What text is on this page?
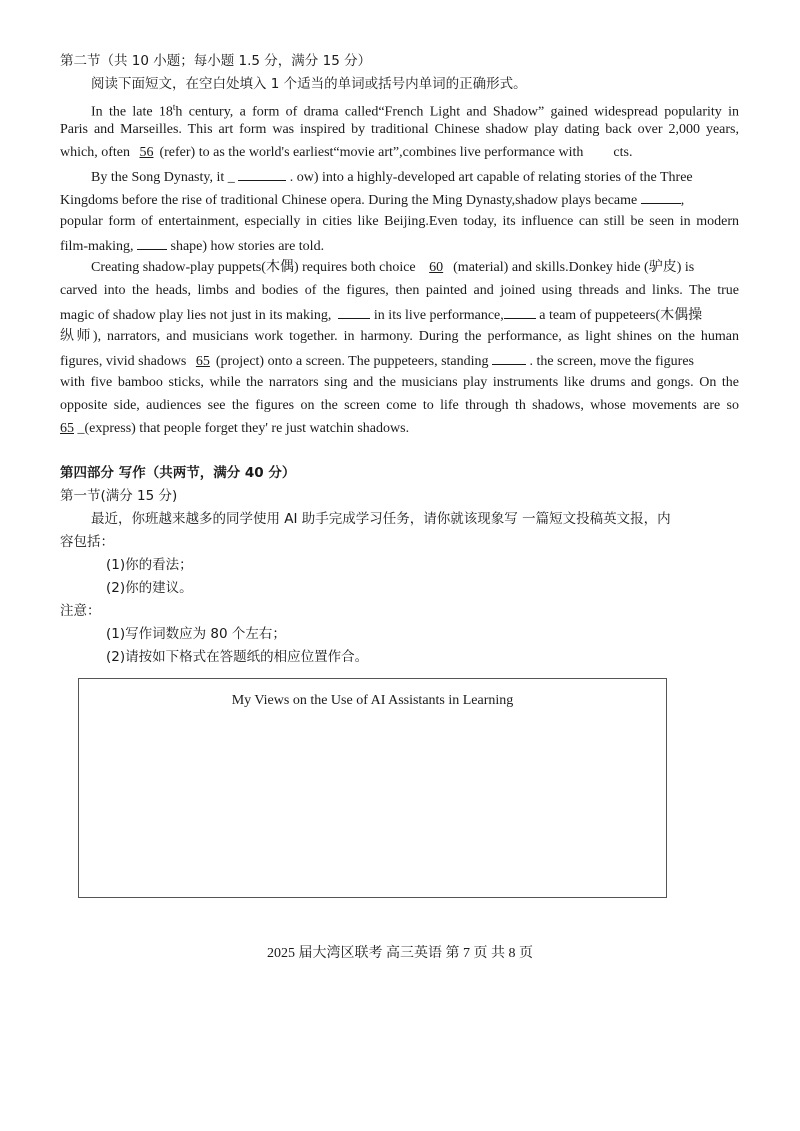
第二节（共 10 小题；每小题 1.5 分，满分 15 分）
阅读下面短文，在空白处填入 1 个适当的单词或括号内单词的正确形式。
In the late 18$^t$h century, a form of drama called“French Light and Shadow” gained widespread popularity in
Paris and Marseilles. This art form was inspired by traditional Chinese shadow play dating back over 2,000 years,
which, often 56 (refer) to as the world's earliest“movie art”,combines live performance with cts.
By the Song Dynasty, it _	. ow) into a highly-developed art capable of relating stories of the Three
Kingdoms before the rise of traditional Chinese opera. During the Ming Dynasty,shadow plays became	,
popular form of entertainment, especially in cities like Beijing.Even today, its influence can still be seen in modern
film-making,	shape) how stories are told.
Creating shadow-play puppets(木偶) requires both choice 60 (material) and skills.Donkey hide (驴皮) is
carved into the heads, limbs and bodies of the figures, then painted and joined using threads and links. The true
magic of shadow play lies not just in its making,	in its live performance,	a team of puppeteers(木偶操
纵师), narrators, and musicians work together. in harmony. During the performance, as light shines on the human
figures, vivid shadows 65 (project) onto a screen. The puppeteers, standing	. the screen, move the figures
with five bamboo sticks, while the narrators sing and the musicians play instruments like drums and gongs. On the
opposite side, audiences see the figures on the screen come to life through th shadows, whose movements are so
65 _(express) that people forget they' re just watchin shadows.
第四部分 写作（共两节，满分 40 分）
第一节(满分 15 分)
最近，你班越来越多的同学使用 AI 助手完成学习任务，请你就该现象写 一篇短文投稿英文报，内
容包括：
(1)你的看法；
(2)你的建议。
注意：
(1)写作词数应为 80 个左右；
(2)请按如下格式在答题纸的相应位置作合。
My Views on the Use of AI Assistants in Learning
2025 届大湾区联考 高三英语 第 7 页 共 8 页
